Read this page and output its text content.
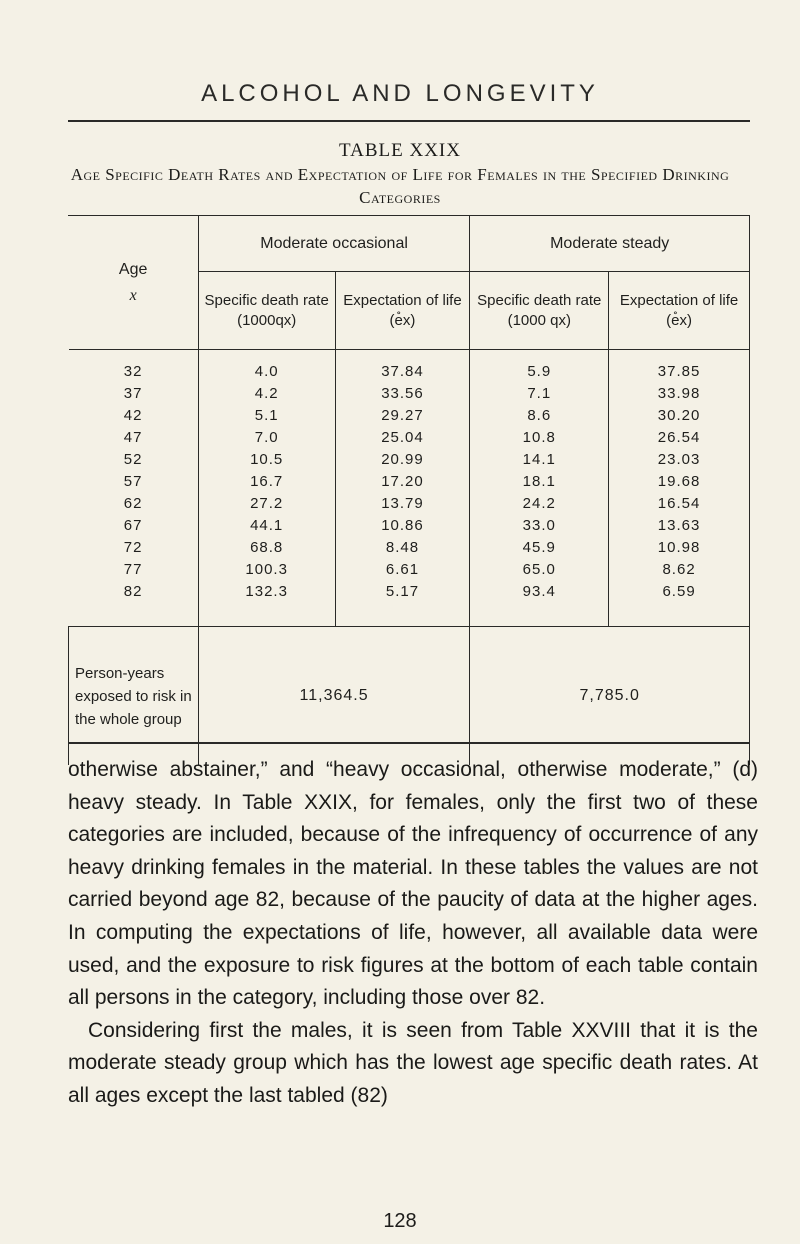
ALCOHOL AND LONGEVITY
TABLE XXIX
Age Specific Death Rates and Expectation of Life for Females in the Specified Drinking Categories
Age
x	Moderate occasional		Moderate steady	
	Specific death rate (1000qx)	Expectation of life (e̊x)	Specific death rate (1000 qx)	Expectation of life (e̊x)
32	4.0	37.84	5.9	37.85
37	4.2	33.56	7.1	33.98
42	5.1	29.27	8.6	30.20
47	7.0	25.04	10.8	26.54
52	10.5	20.99	14.1	23.03
57	16.7	17.20	18.1	19.68
62	27.2	13.79	24.2	16.54
67	44.1	10.86	33.0	13.63
72	68.8	8.48	45.9	10.98
77	100.3	6.61	65.0	8.62
82	132.3	5.17	93.4	6.59
Person-years exposed to risk in the whole group	11,364.5		7,785.0	

otherwise abstainer,” and “heavy occasional, otherwise moderate,” (d) heavy steady. In Table XXIX, for females, only the first two of these categories are included, because of the infrequency of occurrence of any heavy drinking females in the material. In these tables the values are not carried beyond age 82, because of the paucity of data at the higher ages. In computing the expectations of life, however, all available data were used, and the exposure to risk figures at the bottom of each table contain all persons in the category, including those over 82.

Considering first the males, it is seen from Table XXVIII that it is the moderate steady group which has the lowest age specific death rates. At all ages except the last tabled (82)

128
